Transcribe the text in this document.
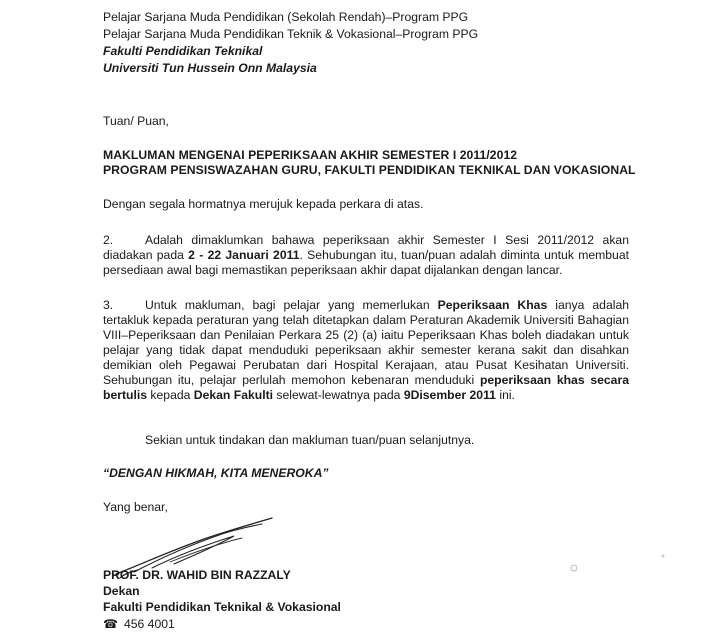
Pelajar Sarjana Muda Pendidikan (Sekolah Rendah)–Program PPG
Pelajar Sarjana Muda Pendidikan Teknik & Vokasional–Program PPG
Fakulti Pendidikan Teknikal
Universiti Tun Hussein Onn Malaysia
Tuan/ Puan,
MAKLUMAN MENGENAI PEPERIKSAAN AKHIR SEMESTER I 2011/2012
PROGRAM PENSISWAZAHAN GURU, FAKULTI PENDIDIKAN TEKNIKAL DAN VOKASIONAL
Dengan segala hormatnya merujuk kepada perkara di atas.
2.	Adalah dimaklumkan bahawa peperiksaan akhir Semester I Sesi 2011/2012 akan
diadakan pada 2 - 22 Januari 2011. Sehubungan itu, tuan/puan adalah diminta untuk membuat
persediaan awal bagi memastikan peperiksaan akhir dapat dijalankan dengan lancar.
3.	Untuk makluman, bagi pelajar yang memerlukan Peperiksaan Khas ianya adalah
tertakluk kepada peraturan yang telah ditetapkan dalam Peraturan Akademik Universiti Bahagian
VIII–Peperiksaan dan Penilaian Perkara 25 (2) (a) iaitu Peperiksaan Khas boleh diadakan untuk
pelajar yang tidak dapat menduduki peperiksaan akhir semester kerana sakit dan disahkan
demikian oleh Pegawai Perubatan dari Hospital Kerajaan, atau Pusat Kesihatan Universiti.
Sehubungan itu, pelajar perlulah memohon kebenaran menduduki peperiksaan khas secara
bertulis kepada Dekan Fakulti selewat-lewatnya pada 9Disember 2011 ini.
Sekian untuk tindakan dan makluman tuan/puan selanjutnya.
“DENGAN HIKMAH, KITA MENEROKA”
Yang benar,
PROF. DR. WAHID BIN RAZZALY
Dekan
Fakulti Pendidikan Teknikal & Vokasional
☎ 456 4001
